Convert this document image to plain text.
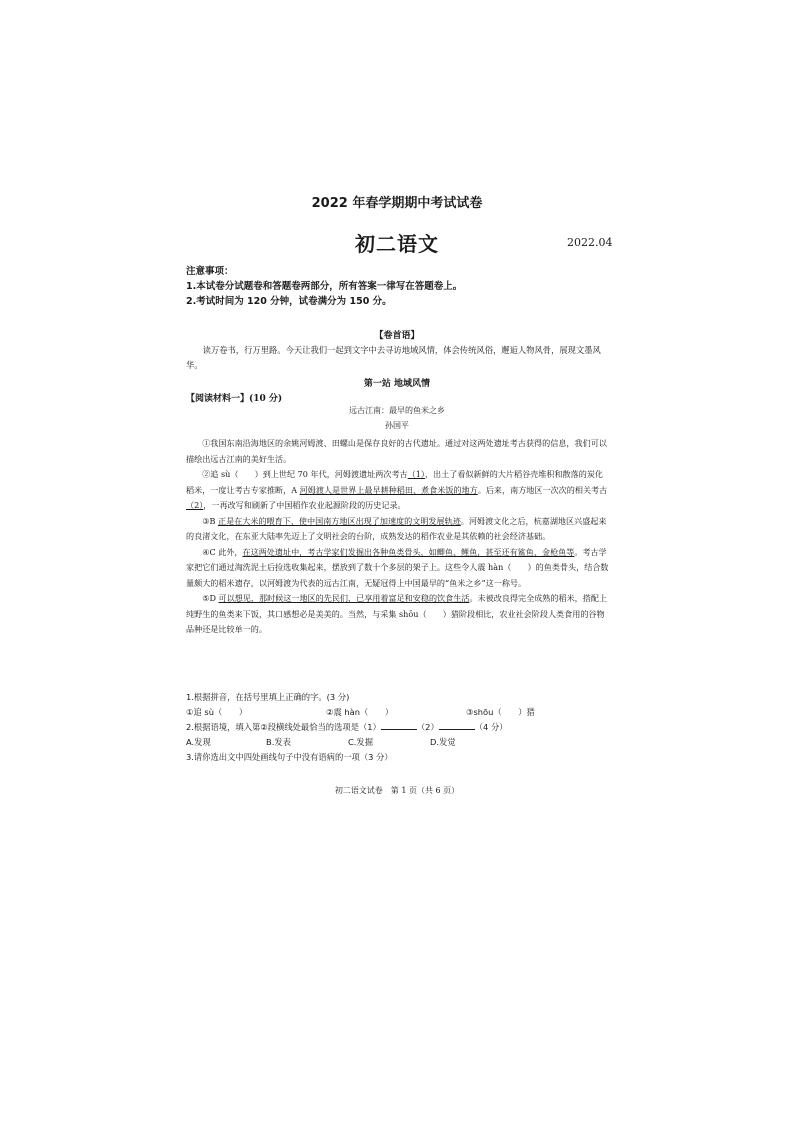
2022 年春学期期中考试试卷
初二语文	2022.04
注意事项：
1.本试卷分试题卷和答题卷两部分，所有答案一律写在答题卷上。
2.考试时间为 120 分钟，试卷满分为 150 分。
【卷首语】
读万卷书，行万里路。今天让我们一起到文字中去寻访地域风情，体会传统风俗，邂逅人物风骨，展现文墨风华。
第一站 地域风情
【阅读材料一】(10 分)
远古江南：最早的鱼米之乡
孙国平

①我国东南沿海地区的余姚河姆渡、田螺山是保存良好的古代遗址。通过对这两处遗址考古获得的信息，我们可以描绘出远古江南的美好生活。

②追 sù（　　）到上世纪 70 年代，河姆渡遗址两次考古（1），出土了看似新鲜的大片稻谷壳堆积和散落的炭化稻米，一度让考古专家推断，A 河姆渡人是世界上最早耕种稻田、煮食米饭的地方。后来，南方地区一次次的相关考古（2），一再改写和刷新了中国稻作农业起源阶段的历史记录。

③B 正是在大米的喂育下，使中国南方地区出现了加速度的文明发展轨迹。河姆渡文化之后，杭嘉湖地区兴盛起来的良渚文化，在东亚大陆率先迈上了文明社会的台阶，成熟发达的稻作农业是其依赖的社会经济基础。

④C 此外，在这两处遗址中，考古学家们发掘出各种鱼类骨头，如鲫鱼、鲤鱼，甚至还有鲨鱼、金枪鱼等。考古学家把它们通过淘洗泥土后捡选收集起来，摆放到了数十个多层的架子上。这些令人震 hàn（　　）的鱼类骨头，结合数量颇大的稻米遗存，以河姆渡为代表的远古江南，无疑冠得上中国最早的“鱼米之乡”这一称号。

⑤D 可以想见，那时候这一地区的先民们，已享用着富足和安稳的饮食生活。未被改良得完全成熟的稻米，搭配上纯野生的鱼类来下饭，其口感想必是美美的。当然，与采集 shōu（　　）猎阶段相比，农业社会阶段人类食用的谷物品种还是比较单一的。

1.根据拼音，在括号里填上正确的字。(3 分)
①追 sù（　　）	②震 hàn（　　）	③shōu（　　）猎
2.根据语境，填入第②段横线处最恰当的选项是（1）	（2）	（4 分）
A.发现	B.发表	C.发掘	D.发觉
3.请你选出文中四处画线句子中没有语病的一项（3 分）
初二语文试卷　第 1 页（共 6 页）
